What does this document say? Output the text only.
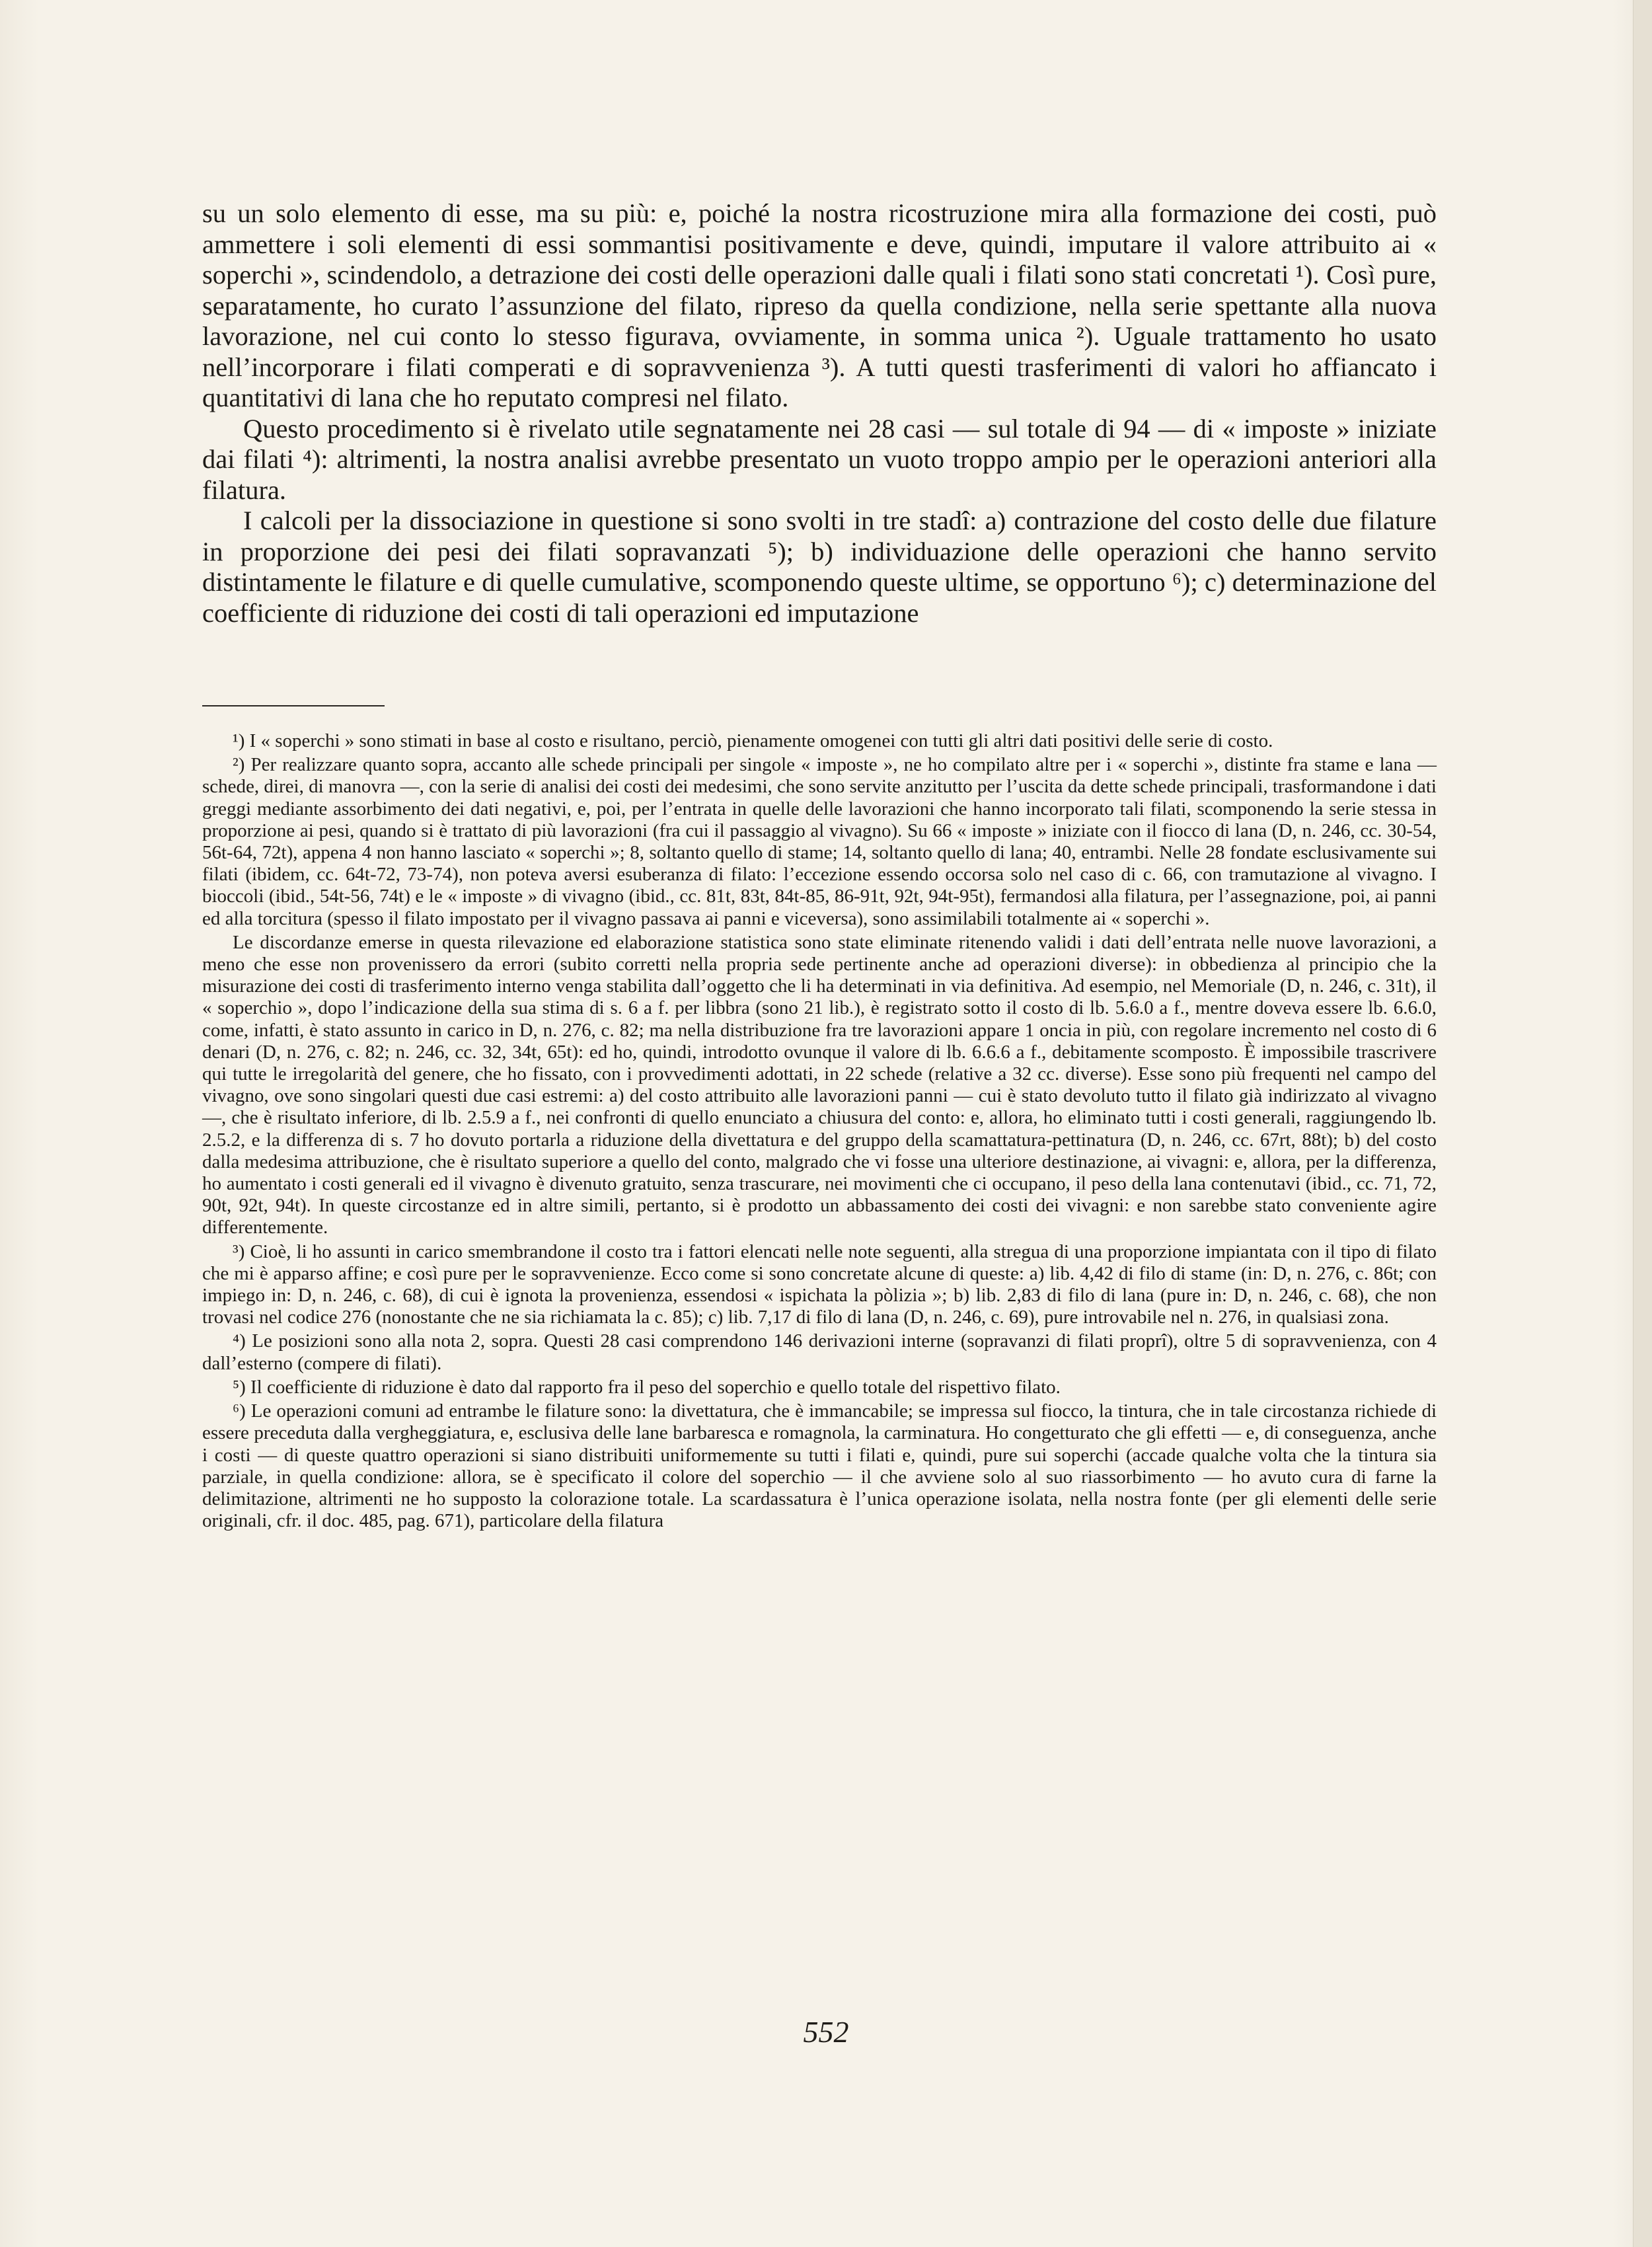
su un solo elemento di esse, ma su più: e, poiché la nostra ricostruzione mira alla formazione dei costi, può ammettere i soli elementi di essi sommantisi positivamente e deve, quindi, imputare il valore attribuito ai « soperchi », scindendolo, a detrazione dei costi delle operazioni dalle quali i filati sono stati concretati ¹). Così pure, separatamente, ho curato l’assunzione del filato, ripreso da quella condizione, nella serie spettante alla nuova lavorazione, nel cui conto lo stesso figurava, ovviamente, in somma unica ²). Uguale trattamento ho usato nell’incorporare i filati comperati e di sopravvenienza ³). A tutti questi trasferimenti di valori ho affiancato i quantitativi di lana che ho reputato compresi nel filato.

Questo procedimento si è rivelato utile segnatamente nei 28 casi — sul totale di 94 — di « imposte » iniziate dai filati ⁴): altrimenti, la nostra analisi avrebbe presentato un vuoto troppo ampio per le operazioni anteriori alla filatura.

I calcoli per la dissociazione in questione si sono svolti in tre stadî: a) contrazione del costo delle due filature in proporzione dei pesi dei filati sopravanzati ⁵); b) individuazione delle operazioni che hanno servito distintamente le filature e di quelle cumulative, scomponendo queste ultime, se opportuno ⁶); c) determinazione del coefficiente di riduzione dei costi di tali operazioni ed imputazione

¹) I « soperchi » sono stimati in base al costo e risultano, perciò, pienamente omogenei con tutti gli altri dati positivi delle serie di costo.

²) Per realizzare quanto sopra, accanto alle schede principali per singole « imposte », ne ho compilato altre per i « soperchi », distinte fra stame e lana — schede, direi, di manovra —, con la serie di analisi dei costi dei medesimi, che sono servite anzitutto per l’uscita da dette schede principali, trasformandone i dati greggi mediante assorbimento dei dati negativi, e, poi, per l’entrata in quelle delle lavorazioni che hanno incorporato tali filati, scomponendo la serie stessa in proporzione ai pesi, quando si è trattato di più lavorazioni (fra cui il passaggio al vivagno). Su 66 « imposte » iniziate con il fiocco di lana (D, n. 246, cc. 30-54, 56t-64, 72t), appena 4 non hanno lasciato « soperchi »; 8, soltanto quello di stame; 14, soltanto quello di lana; 40, entrambi. Nelle 28 fondate esclusivamente sui filati (ibidem, cc. 64t-72, 73-74), non poteva aversi esuberanza di filato: l’eccezione essendo occorsa solo nel caso di c. 66, con tramutazione al vivagno. I bioccoli (ibid., 54t-56, 74t) e le « imposte » di vivagno (ibid., cc. 81t, 83t, 84t-85, 86-91t, 92t, 94t-95t), fermandosi alla filatura, per l’assegnazione, poi, ai panni ed alla torcitura (spesso il filato impostato per il vivagno passava ai panni e viceversa), sono assimilabili totalmente ai « soperchi ».

Le discordanze emerse in questa rilevazione ed elaborazione statistica sono state eliminate ritenendo validi i dati dell’entrata nelle nuove lavorazioni, a meno che esse non provenissero da errori (subito corretti nella propria sede pertinente anche ad operazioni diverse): in obbedienza al principio che la misurazione dei costi di trasferimento interno venga stabilita dall’oggetto che li ha determinati in via definitiva. Ad esempio, nel Memoriale (D, n. 246, c. 31t), il « soperchio », dopo l’indicazione della sua stima di s. 6 a f. per libbra (sono 21 lib.), è registrato sotto il costo di lb. 5.6.0 a f., mentre doveva essere lb. 6.6.0, come, infatti, è stato assunto in carico in D, n. 276, c. 82; ma nella distribuzione fra tre lavorazioni appare 1 oncia in più, con regolare incremento nel costo di 6 denari (D, n. 276, c. 82; n. 246, cc. 32, 34t, 65t): ed ho, quindi, introdotto ovunque il valore di lb. 6.6.6 a f., debitamente scomposto. È impossibile trascrivere qui tutte le irregolarità del genere, che ho fissato, con i provvedimenti adottati, in 22 schede (relative a 32 cc. diverse). Esse sono più frequenti nel campo del vivagno, ove sono singolari questi due casi estremi: a) del costo attribuito alle lavorazioni panni — cui è stato devoluto tutto il filato già indirizzato al vivagno —, che è risultato inferiore, di lb. 2.5.9 a f., nei confronti di quello enunciato a chiusura del conto: e, allora, ho eliminato tutti i costi generali, raggiungendo lb. 2.5.2, e la differenza di s. 7 ho dovuto portarla a riduzione della divettatura e del gruppo della scamattatura-pettinatura (D, n. 246, cc. 67rt, 88t); b) del costo dalla medesima attribuzione, che è risultato superiore a quello del conto, malgrado che vi fosse una ulteriore destinazione, ai vivagni: e, allora, per la differenza, ho aumentato i costi generali ed il vivagno è divenuto gratuito, senza trascurare, nei movimenti che ci occupano, il peso della lana contenutavi (ibid., cc. 71, 72, 90t, 92t, 94t). In queste circostanze ed in altre simili, pertanto, si è prodotto un abbassamento dei costi dei vivagni: e non sarebbe stato conveniente agire differentemente.

³) Cioè, li ho assunti in carico smembrandone il costo tra i fattori elencati nelle note seguenti, alla stregua di una proporzione impiantata con il tipo di filato che mi è apparso affine; e così pure per le sopravvenienze. Ecco come si sono concretate alcune di queste: a) lib. 4,42 di filo di stame (in: D, n. 276, c. 86t; con impiego in: D, n. 246, c. 68), di cui è ignota la provenienza, essendosi « ispichata la pòlizia »; b) lib. 2,83 di filo di lana (pure in: D, n. 246, c. 68), che non trovasi nel codice 276 (nonostante che ne sia richiamata la c. 85); c) lib. 7,17 di filo di lana (D, n. 246, c. 69), pure introvabile nel n. 276, in qualsiasi zona.

⁴) Le posizioni sono alla nota 2, sopra. Questi 28 casi comprendono 146 derivazioni interne (sopravanzi di filati proprî), oltre 5 di sopravvenienza, con 4 dall’esterno (compere di filati).

⁵) Il coefficiente di riduzione è dato dal rapporto fra il peso del soperchio e quello totale del rispettivo filato.

⁶) Le operazioni comuni ad entrambe le filature sono: la divettatura, che è immancabile; se impressa sul fiocco, la tintura, che in tale circostanza richiede di essere preceduta dalla vergheggiatura, e, esclusiva delle lane barbaresca e romagnola, la carminatura. Ho congetturato che gli effetti — e, di conseguenza, anche i costi — di queste quattro operazioni si siano distribuiti uniformemente su tutti i filati e, quindi, pure sui soperchi (accade qualche volta che la tintura sia parziale, in quella condizione: allora, se è specificato il colore del soperchio — il che avviene solo al suo riassorbimento — ho avuto cura di farne la delimitazione, altrimenti ne ho supposto la colorazione totale. La scardassatura è l’unica operazione isolata, nella nostra fonte (per gli elementi delle serie originali, cfr. il doc. 485, pag. 671), particolare della filatura

552
